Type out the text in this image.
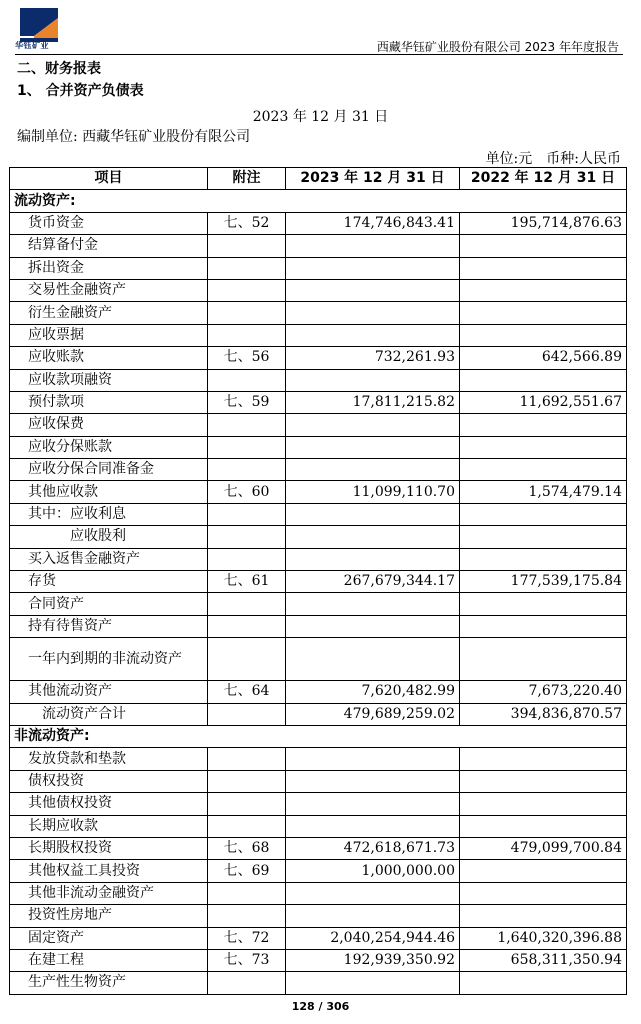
华钰矿业	西藏华钰矿业股份有限公司 2023 年年度报告
二、财务报表
1、 合并资产负债表
2023 年 12 月 31 日
编制单位: 西藏华钰矿业股份有限公司
单位:元　币种:人民币
项目	附注	2023 年 12 月 31 日	2022 年 12 月 31 日
流动资产:			
货币资金	七、52	174,746,843.41	195,714,876.63
结算备付金			
拆出资金			
交易性金融资产			
衍生金融资产			
应收票据			
应收账款	七、56	732,261.93	642,566.89
应收款项融资			
预付款项	七、59	17,811,215.82	11,692,551.67
应收保费			
应收分保账款			
应收分保合同准备金			
其他应收款	七、60	11,099,110.70	1,574,479.14
其中：应收利息			
应收股利			
买入返售金融资产			
存货	七、61	267,679,344.17	177,539,175.84
合同资产			
持有待售资产			
一年内到期的非流动资产			
其他流动资产	七、64	7,620,482.99	7,673,220.40
流动资产合计		479,689,259.02	394,836,870.57
非流动资产:			
发放贷款和垫款			
债权投资			
其他债权投资			
长期应收款			
长期股权投资	七、68	472,618,671.73	479,099,700.84
其他权益工具投资	七、69	1,000,000.00	
其他非流动金融资产			
投资性房地产			
固定资产	七、72	2,040,254,944.46	1,640,320,396.88
在建工程	七、73	192,939,350.92	658,311,350.94
生产性生物资产			
128 / 306
